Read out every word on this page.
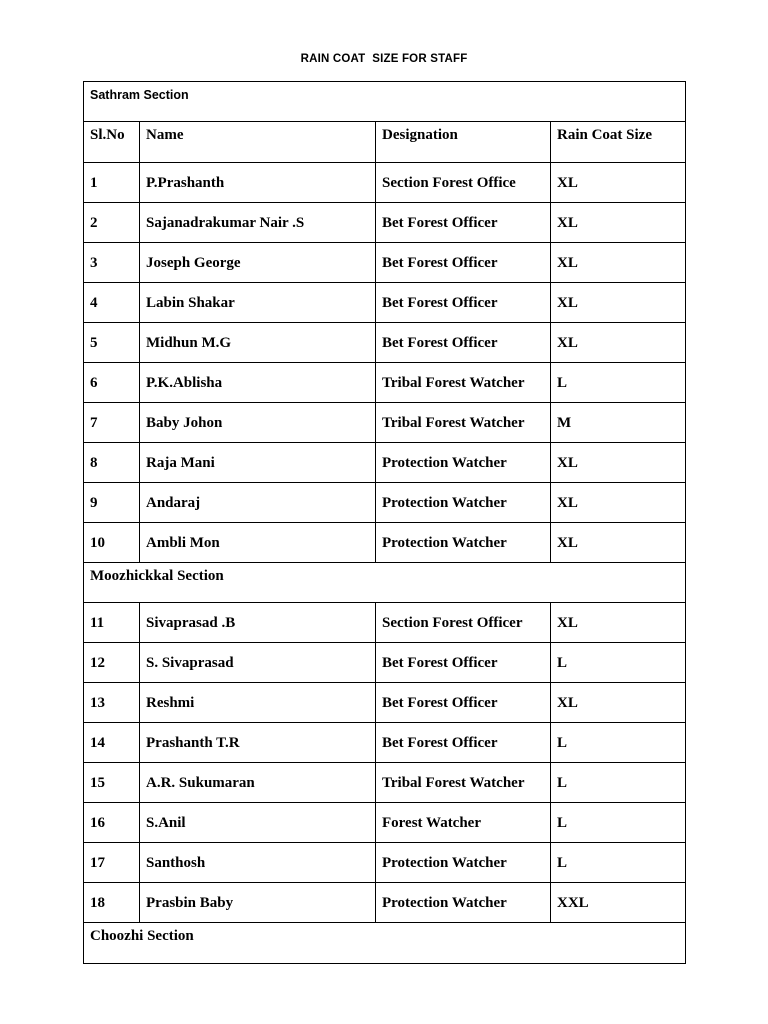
RAIN COAT  SIZE FOR STAFF
Sathram Section			
Sl.No	Name	Designation	Rain Coat Size
1	P.Prashanth	Section Forest Office	XL
2	Sajanadrakumar Nair .S	Bet Forest Officer	XL
3	Joseph George	Bet Forest Officer	XL
4	Labin Shakar	Bet Forest Officer	XL
5	Midhun M.G	Bet Forest Officer	XL
6	P.K.Ablisha	Tribal Forest Watcher	L
7	Baby Johon	Tribal Forest Watcher	M
8	Raja Mani	Protection Watcher	XL
9	Andaraj	Protection Watcher	XL
10	Ambli Mon	Protection Watcher	XL
Moozhickkal Section			
11	Sivaprasad .B	Section Forest Officer	XL
12	S. Sivaprasad	Bet Forest Officer	L
13	Reshmi	Bet Forest Officer	XL
14	Prashanth T.R	Bet Forest Officer	L
15	A.R. Sukumaran	Tribal Forest Watcher	L
16	S.Anil	Forest Watcher	L
17	Santhosh	Protection Watcher	L
18	Prasbin Baby	Protection Watcher	XXL
Choozhi Section			
